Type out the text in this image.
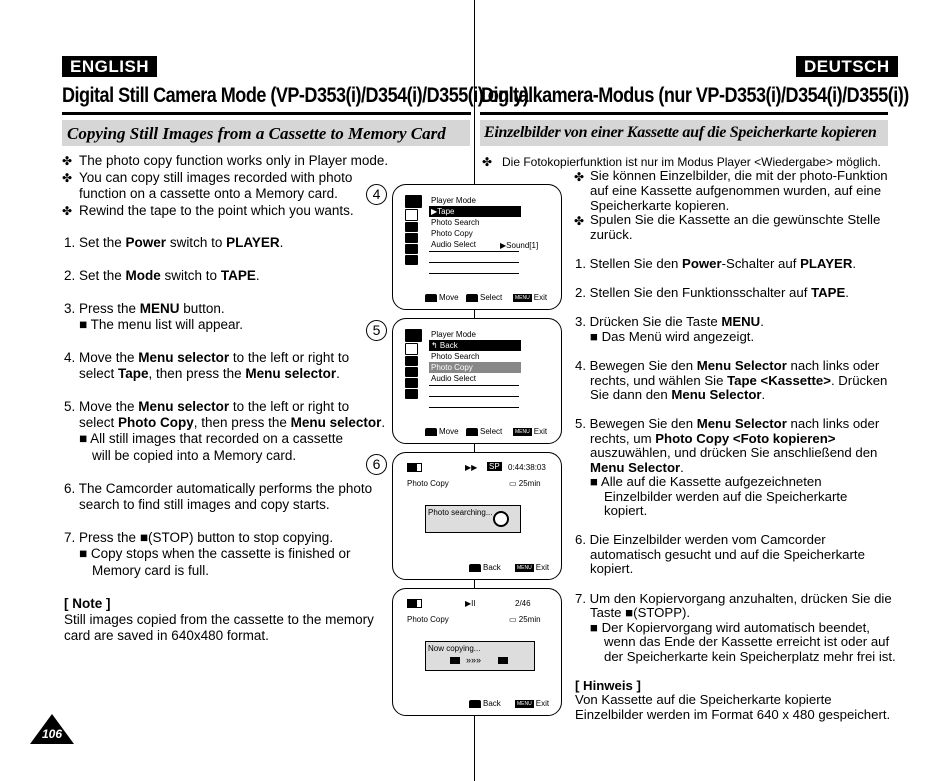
ENGLISH	DEUTSCH
Digital Still Camera Mode (VP-D353(i)/D354(i)/D355(i) only)
Digitalkamera-Modus (nur VP-D353(i)/D354(i)/D355(i))
Copying Still Images from a Cassette to Memory Card Einzelbilder von einer Kassette auf die Speicherkarte kopieren
✤ The photo copy function works only in Player mode.
✤ You can copy still images recorded with photo
function on a cassette onto a Memory card.
✤ Rewind the tape to the point which you wants.
1. Set the Power switch to PLAYER.
2. Set the Mode switch to TAPE.
3. Press the MENU button.
■ The menu list will appear.
4. Move the Menu selector to the left or right to
select Tape, then press the Menu selector.
5. Move the Menu selector to the left or right to
select Photo Copy, then press the Menu selector.
■ All still images that recorded on a cassette
will be copied into a Memory card.
6. The Camcorder automatically performs the photo
search to find still images and copy starts.
7. Press the ■(STOP) button to stop copying.
■ Copy stops when the cassette is finished or
Memory card is full.
[ Note ]
Still images copied from the cassette to the memory
card are saved in 640x480 format.
✤ Die Fotokopierfunktion ist nur im Modus Player <Wiedergabe> möglich.
✤ Sie können Einzelbilder, die mit der photo-Funktion
auf eine Kassette aufgenommen wurden, auf eine
Speicherkarte kopieren.
✤ Spulen Sie die Kassette an die gewünschte Stelle
zurück.
1. Stellen Sie den Power-Schalter auf PLAYER.
2. Stellen Sie den Funktionsschalter auf TAPE.
3. Drücken Sie die Taste MENU.
■ Das Menü wird angezeigt.
4. Bewegen Sie den Menu Selector nach links oder
rechts, und wählen Sie Tape <Kassette>. Drücken
Sie dann den Menu Selector.
5. Bewegen Sie den Menu Selector nach links oder
rechts, um Photo Copy <Foto kopieren>
auszuwählen, und drücken Sie anschließend den
Menu Selector.
■ Alle auf die Kassette aufgezeichneten
Einzelbilder werden auf die Speicherkarte
kopiert.
6. Die Einzelbilder werden vom Camcorder
automatisch gesucht und auf die Speicherkarte
kopiert.
7. Um den Kopiervorgang anzuhalten, drücken Sie die
Taste ■(STOPP).
■ Der Kopiervorgang wird automatisch beendet,
wenn das Ende der Kassette erreicht ist oder auf
der Speicherkarte kein Speicherplatz mehr frei ist.
[ Hinweis ]
Von Kassette auf die Speicherkarte kopierte
Einzelbilder werden im Format 640 x 480 gespeichert.
4
5
6
Player Mode
▶Tape
Photo Search
Photo Copy
Audio Select	▶Sound[1]
Move	Select	MENU Exit
Player Mode
↰ Back
Photo Search
Photo Copy
Audio Select
Move	Select	MENU Exit
▶▶ SP 0:44:38:03
Photo Copy	▭ 25min
Photo searching...
Back	MENU Exit
▶II	2/46
Photo Copy	▭ 25min
Now copying...
»»»
Back	MENU Exit
106
